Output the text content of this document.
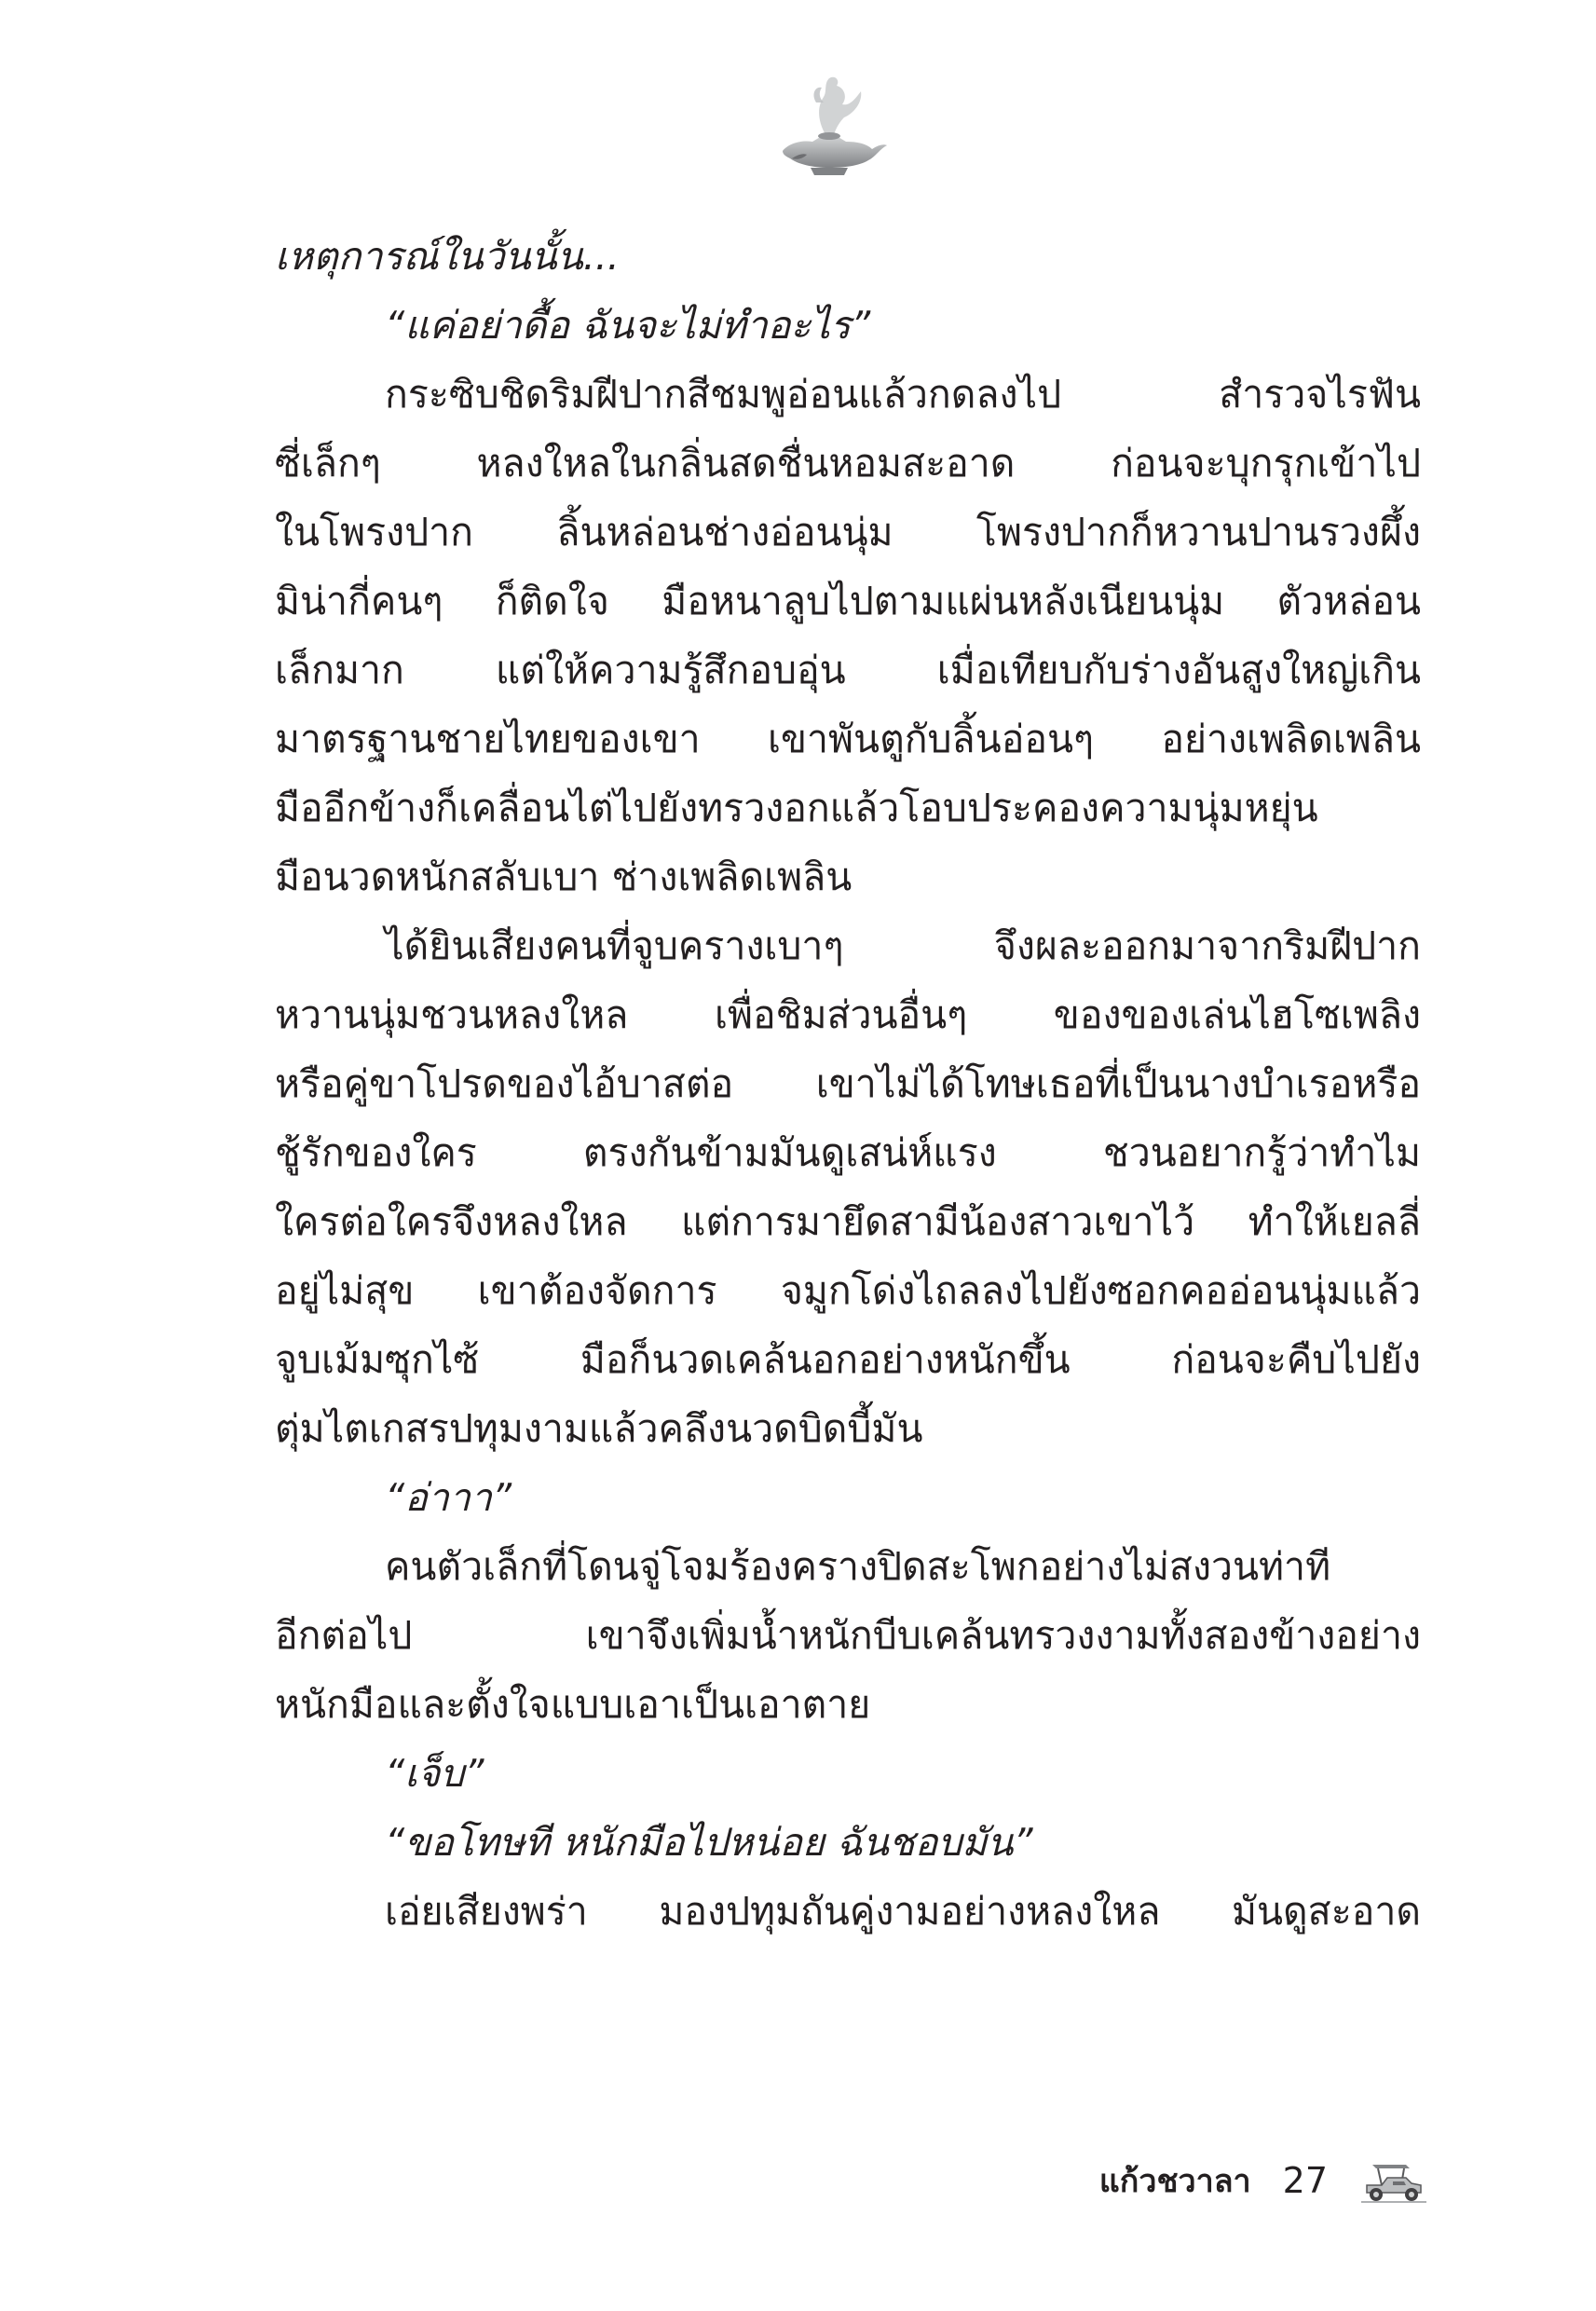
เหตุการณ์ในวันนั้น...
“แค่อย่าดื้อ ฉันจะไม่ทำอะไร”
กระซิบชิดริมฝีปากสีชมพูอ่อนแล้วกดลงไป สำรวจไรฟัน
ซี่เล็กๆ หลงใหลในกลิ่นสดชื่นหอมสะอาด ก่อนจะบุกรุกเข้าไป
ในโพรงปาก ลิ้นหล่อนช่างอ่อนนุ่ม โพรงปากก็หวานปานรวงผึ้ง
มิน่ากี่คนๆ ก็ติดใจ มือหนาลูบไปตามแผ่นหลังเนียนนุ่ม ตัวหล่อน
เล็กมาก แต่ให้ความรู้สึกอบอุ่น เมื่อเทียบกับร่างอันสูงใหญ่เกิน
มาตรฐานชายไทยของเขา เขาพันตูกับลิ้นอ่อนๆ อย่างเพลิดเพลิน
มืออีกข้างก็เคลื่อนไต่ไปยังทรวงอกแล้วโอบประคองความนุ่มหยุ่น
มือนวดหนักสลับเบา ช่างเพลิดเพลิน
ได้ยินเสียงคนที่จูบครางเบาๆ จึงผละออกมาจากริมฝีปาก
หวานนุ่มชวนหลงใหล เพื่อชิมส่วนอื่นๆ ของของเล่นไฮโซเพลิง
หรือคู่ขาโปรดของไอ้บาสต่อ เขาไม่ได้โทษเธอที่เป็นนางบำเรอหรือ
ชู้รักของใคร ตรงกันข้ามมันดูเสน่ห์แรง ชวนอยากรู้ว่าทำไม
ใครต่อใครจึงหลงใหล แต่การมายึดสามีน้องสาวเขาไว้ ทำให้เยลลี่
อยู่ไม่สุข เขาต้องจัดการ จมูกโด่งไถลลงไปยังซอกคออ่อนนุ่มแล้ว
จูบเม้มซุกไซ้ มือก็นวดเคล้นอกอย่างหนักขึ้น ก่อนจะคืบไปยัง
ตุ่มไตเกสรปทุมงามแล้วคลึงนวดบิดบี้มัน
“อ่าาา”
คนตัวเล็กที่โดนจู่โจมร้องครางปิดสะโพกอย่างไม่สงวนท่าที
อีกต่อไป เขาจึงเพิ่มน้ำหนักบีบเคล้นทรวงงามทั้งสองข้างอย่าง
หนักมือและตั้งใจแบบเอาเป็นเอาตาย
“เจ็บ”
“ขอโทษที หนักมือไปหน่อย ฉันชอบมัน”
เอ่ยเสียงพร่า มองปทุมถันคู่งามอย่างหลงใหล มันดูสะอาด
แก้วชวาลา 27
